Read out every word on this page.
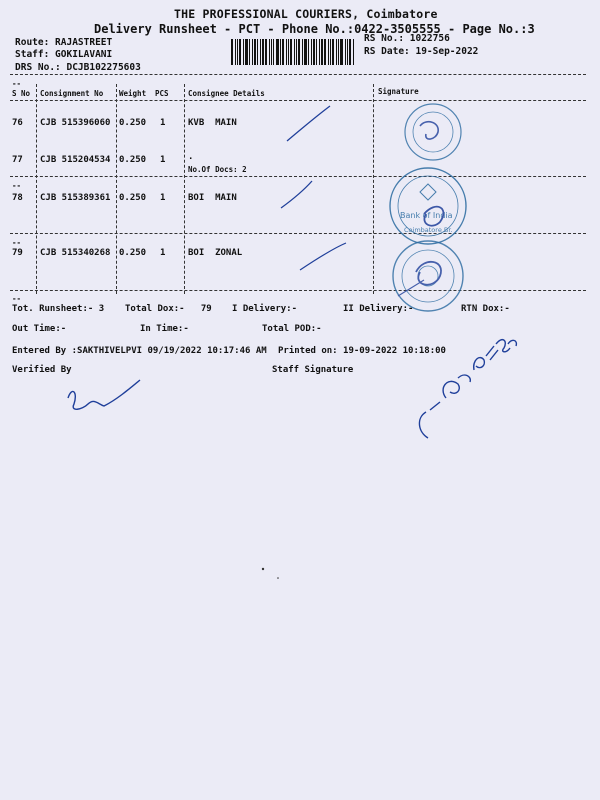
THE PROFESSIONAL COURIERS, Coimbatore
Delivery Runsheet - PCT - Phone No.:0422-3505555 - Page No.:3
Route: RAJASTREET
Staff: GOKILAVANI
DRS No.: DCJB102275603
RS No.: 1022756
RS Date: 19-Sep-2022
--
S No Consignment No Weight PCS	Consignee Details	Signature
76 CJB 515396060 0.250 1	KVB  MAIN
77 CJB 515204534 0.250 1	.
No.Of Docs: 2
--
78 CJB 515389361 0.250 1	BOI  MAIN
--
79 CJB 515340268 0.250 1	BOI  ZONAL
--
Tot. Runsheet:- 3 Total Dox:-   79 I Delivery:-	II Delivery:-	RTN Dox:-
Out Time:-	In Time:-	Total POD:-
Entered By :SAKTHIVELPVI 09/19/2022 10:17:46 AM Printed on: 19-09-2022 10:18:00
Verified By	Staff Signature
Bank of India
Coimbatore Br.
